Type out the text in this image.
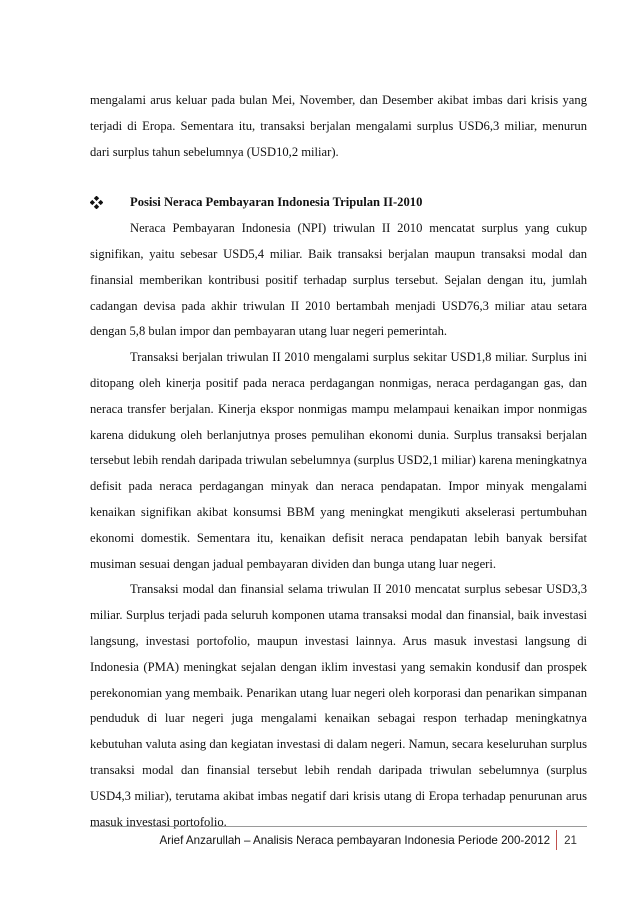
mengalami arus keluar pada bulan Mei, November, dan Desember akibat imbas dari krisis yang terjadi di Eropa. Sementara itu, transaksi berjalan mengalami surplus USD6,3 miliar, menurun dari surplus tahun sebelumnya (USD10,2 miliar).

Posisi Neraca Pembayaran Indonesia Tripulan II-2010

Neraca Pembayaran Indonesia (NPI) triwulan II 2010 mencatat surplus yang cukup signifikan, yaitu sebesar USD5,4 miliar. Baik transaksi berjalan maupun transaksi modal dan finansial memberikan kontribusi positif terhadap surplus tersebut. Sejalan dengan itu, jumlah cadangan devisa pada akhir triwulan II 2010 bertambah menjadi USD76,3 miliar atau setara dengan 5,8 bulan impor dan pembayaran utang luar negeri pemerintah.

Transaksi berjalan triwulan II 2010 mengalami surplus sekitar USD1,8 miliar. Surplus ini ditopang oleh kinerja positif pada neraca perdagangan nonmigas, neraca perdagangan gas, dan neraca transfer berjalan. Kinerja ekspor nonmigas mampu melampaui kenaikan impor nonmigas karena didukung oleh berlanjutnya proses pemulihan ekonomi dunia. Surplus transaksi berjalan tersebut lebih rendah daripada triwulan sebelumnya (surplus USD2,1 miliar) karena meningkatnya defisit pada neraca perdagangan minyak dan neraca pendapatan. Impor minyak mengalami kenaikan signifikan akibat konsumsi BBM yang meningkat mengikuti akselerasi pertumbuhan ekonomi domestik. Sementara itu, kenaikan defisit neraca pendapatan lebih banyak bersifat musiman sesuai dengan jadual pembayaran dividen dan bunga utang luar negeri.

Transaksi modal dan finansial selama triwulan II 2010 mencatat surplus sebesar USD3,3 miliar. Surplus terjadi pada seluruh komponen utama transaksi modal dan finansial, baik investasi langsung, investasi portofolio, maupun investasi lainnya. Arus masuk investasi langsung di Indonesia (PMA) meningkat sejalan dengan iklim investasi yang semakin kondusif dan prospek perekonomian yang membaik. Penarikan utang luar negeri oleh korporasi dan penarikan simpanan penduduk di luar negeri juga mengalami kenaikan sebagai respon terhadap meningkatnya kebutuhan valuta asing dan kegiatan investasi di dalam negeri. Namun, secara keseluruhan surplus transaksi modal dan finansial tersebut lebih rendah daripada triwulan sebelumnya (surplus USD4,3 miliar), terutama akibat imbas negatif dari krisis utang di Eropa terhadap penurunan arus masuk investasi portofolio.

Arief Anzarullah – Analisis Neraca pembayaran Indonesia Periode 200-2012	21
